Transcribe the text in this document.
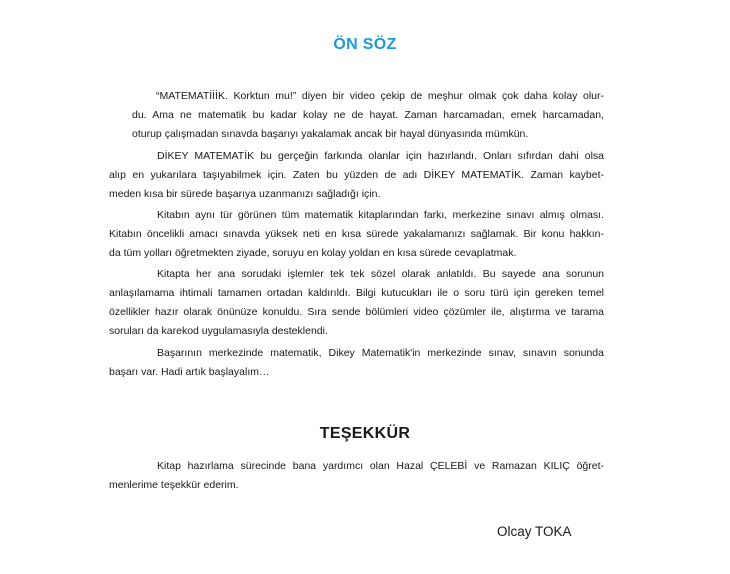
ÖN SÖZ
“MATEMATİİİK. Korktun mu!” diyen bir video çekip de meşhur olmak çok daha kolay olur-
du. Ama ne matematik bu kadar kolay ne de hayat. Zaman harcamadan, emek harcamadan,
oturup çalışmadan sınavda başarıyı yakalamak ancak bir hayal dünyasında mümkün.
DİKEY MATEMATİK bu gerçeğin farkında olanlar için hazırlandı. Onları sıfırdan dahi olsa
alıp en yukarılara taşıyabilmek için. Zaten bu yüzden de adı DİKEY MATEMATİK. Zaman kaybet-
meden kısa bir sürede başarıya uzanmanızı sağladığı için.
Kitabın aynı tür görünen tüm matematik kitaplarından farkı, merkezine sınavı almış olması.
Kitabın öncelikli amacı sınavda yüksek neti en kısa sürede yakalamanızı sağlamak. Bir konu hakkın-
da tüm yolları öğretmekten ziyade, soruyu en kolay yoldan en kısa sürede cevaplatmak.
Kitapta her ana sorudaki işlemler tek tek sözel olarak anlatıldı. Bu sayede ana sorunun
anlaşılamama ihtimali tamamen ortadan kaldırıldı. Bilgi kutucukları ile o soru türü için gereken temel
özellikler hazır olarak önünüze konuldu. Sıra sende bölümleri video çözümler ile, alıştırma ve tarama
soruları da karekod uygulamasıyla desteklendi.
Başarının merkezinde matematik, Dikey Matematik'in merkezinde sınav, sınavın sonunda
başarı var. Hadi artık başlayalım…
TEŞEKKÜR
Kitap hazırlama sürecinde bana yardımcı olan Hazal ÇELEBİ ve Ramazan KILIÇ öğret-
menlerime teşekkür ederim.
Olcay TOKA
